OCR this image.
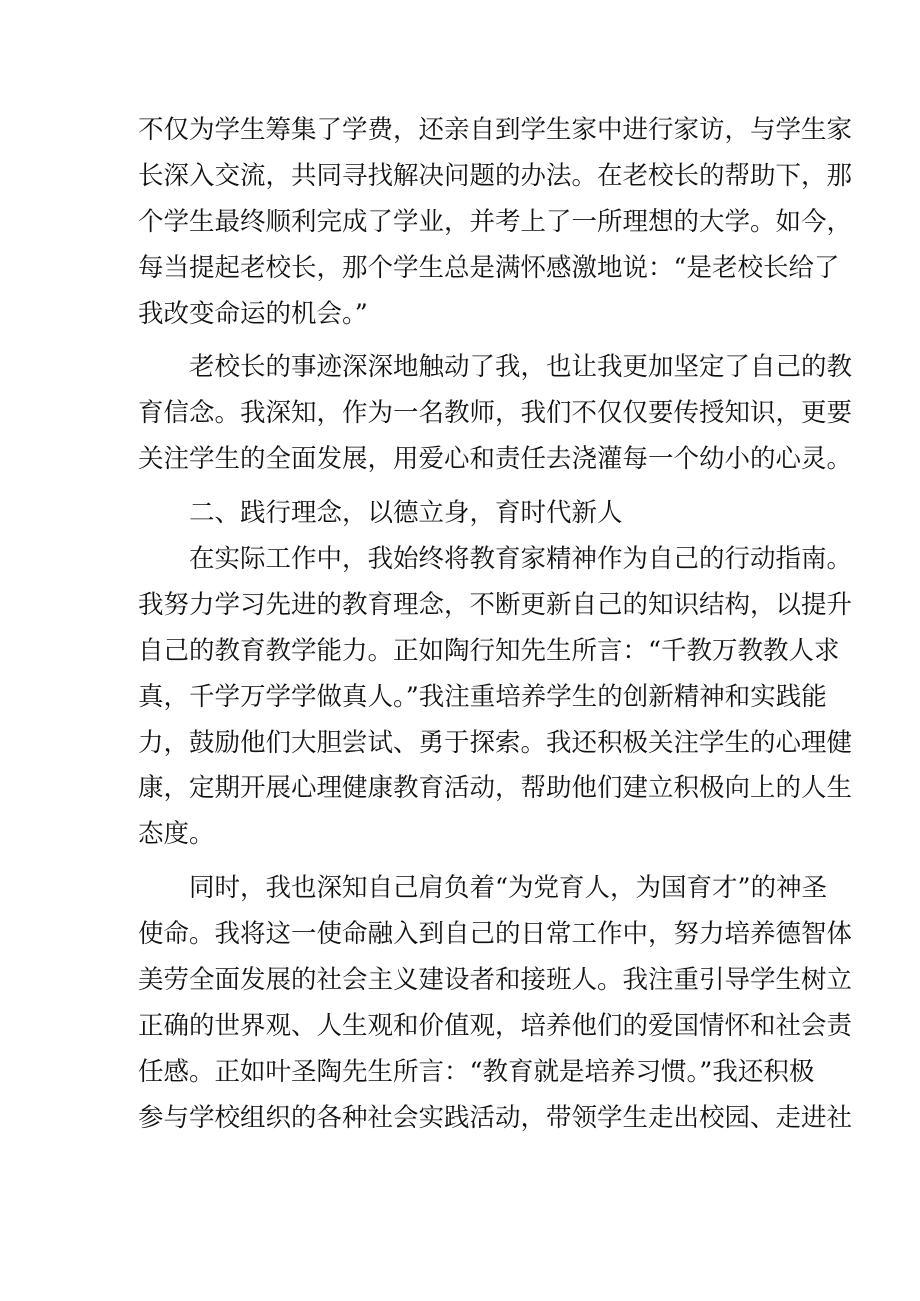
不仅为学生筹集了学费，还亲自到学生家中进行家访，与学生家
长深入交流，共同寻找解决问题的办法。在老校长的帮助下，那
个学生最终顺利完成了学业，并考上了一所理想的大学。如今，
每当提起老校长，那个学生总是满怀感激地说：“是老校长给了
我改变命运的机会。”
老校长的事迹深深地触动了我，也让我更加坚定了自己的教
育信念。我深知，作为一名教师，我们不仅仅要传授知识，更要
关注学生的全面发展，用爱心和责任去浇灌每一个幼小的心灵。
二、践行理念，以德立身，育时代新人
在实际工作中，我始终将教育家精神作为自己的行动指南。
我努力学习先进的教育理念，不断更新自己的知识结构，以提升
自己的教育教学能力。正如陶行知先生所言：“千教万教教人求
真，千学万学学做真人。”我注重培养学生的创新精神和实践能
力，鼓励他们大胆尝试、勇于探索。我还积极关注学生的心理健
康，定期开展心理健康教育活动，帮助他们建立积极向上的人生
态度。
同时，我也深知自己肩负着“为党育人，为国育才”的神圣
使命。我将这一使命融入到自己的日常工作中，努力培养德智体
美劳全面发展的社会主义建设者和接班人。我注重引导学生树立
正确的世界观、人生观和价值观，培养他们的爱国情怀和社会责
任感。正如叶圣陶先生所言：“教育就是培养习惯。”我还积极
参与学校组织的各种社会实践活动，带领学生走出校园、走进社
